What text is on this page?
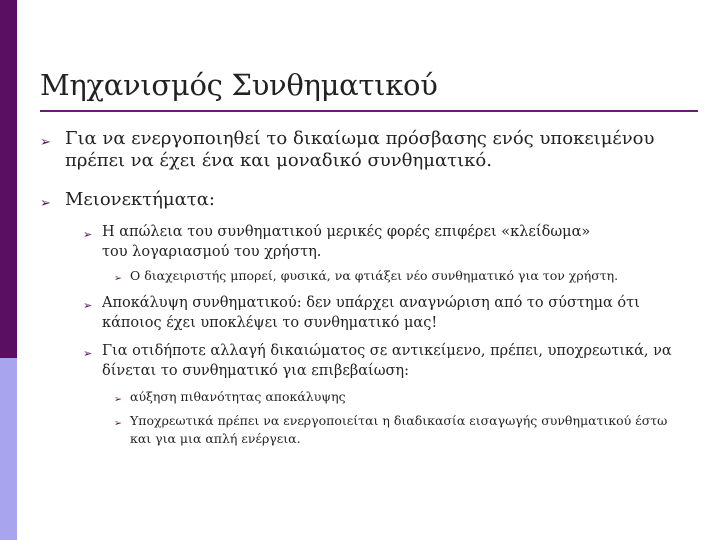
Μηχανισμός Συνθηματικού
➢ Για να ενεργοποιηθεί το δικαίωμα πρόσβασης ενός υποκειμένου πρέπει να έχει ένα και μοναδικό συνθηματικό.
➢ Μειονεκτήματα:
➢ Η απώλεια του συνθηματικού μερικές φορές επιφέρει «κλείδωμα» του λογαριασμού του χρήστη.
➢ Ο διαχειριστής μπορεί, φυσικά, να φτιάξει νέο συνθηματικό για τον χρήστη.
➢ Αποκάλυψη συνθηματικού: δεν υπάρχει αναγνώριση από το σύστημα ότι κάποιος έχει υποκλέψει το συνθηματικό μας!
➢ Για οτιδήποτε αλλαγή δικαιώματος σε αντικείμενο, πρέπει, υποχρεωτικά, να δίνεται το συνθηματικό για επιβεβαίωση:
➢ αύξηση πιθανότητας αποκάλυψης
➢ Υποχρεωτικά πρέπει να ενεργοποιείται η διαδικασία εισαγωγής συνθηματικού έστω και για μια απλή ενέργεια.
